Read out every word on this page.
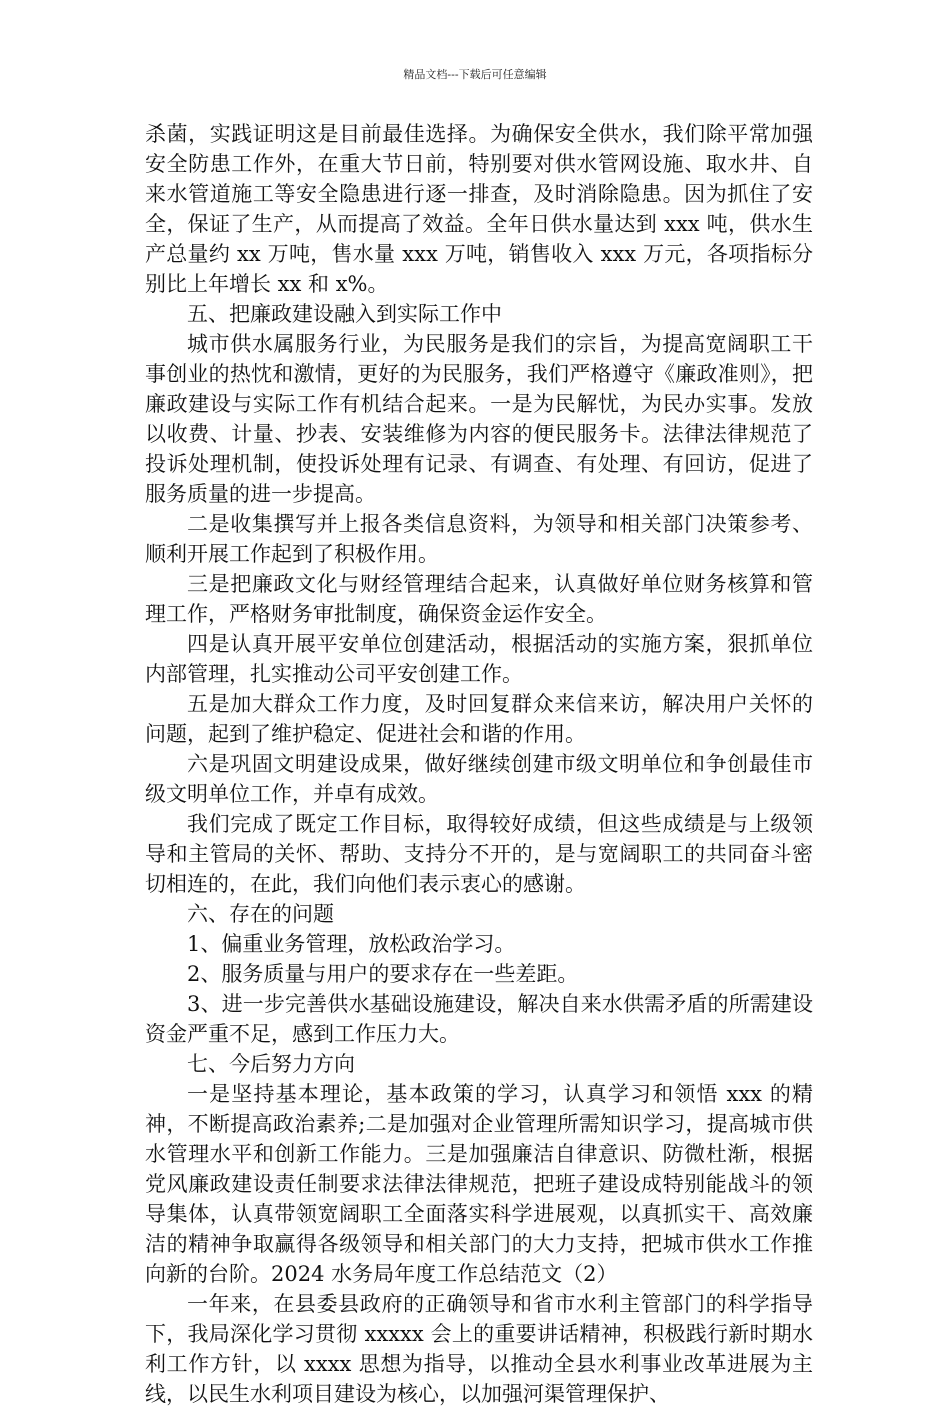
精品文档---下载后可任意编辑

杀菌，实践证明这是目前最佳选择。为确保安全供水，我们除平常加强安全防患工作外，在重大节日前，特别要对供水管网设施、取水井、自来水管道施工等安全隐患进行逐一排查，及时消除隐患。因为抓住了安全，保证了生产，从而提高了效益。全年日供水量达到 xxx 吨，供水生产总量约 xx 万吨，售水量 xxx 万吨，销售收入 xxx 万元，各项指标分别比上年增长 xx 和 x%。

五、把廉政建设融入到实际工作中

城市供水属服务行业，为民服务是我们的宗旨，为提高宽阔职工干事创业的热忱和激情，更好的为民服务，我们严格遵守《廉政准则》，把廉政建设与实际工作有机结合起来。一是为民解忧，为民办实事。发放以收费、计量、抄表、安装维修为内容的便民服务卡。法律法律规范了投诉处理机制，使投诉处理有记录、有调查、有处理、有回访，促进了服务质量的进一步提高。

二是收集撰写并上报各类信息资料，为领导和相关部门决策参考、顺利开展工作起到了积极作用。

三是把廉政文化与财经管理结合起来，认真做好单位财务核算和管理工作，严格财务审批制度，确保资金运作安全。

四是认真开展平安单位创建活动，根据活动的实施方案，狠抓单位内部管理，扎实推动公司平安创建工作。

五是加大群众工作力度，及时回复群众来信来访，解决用户关怀的问题，起到了维护稳定、促进社会和谐的作用。

六是巩固文明建设成果，做好继续创建市级文明单位和争创最佳市级文明单位工作，并卓有成效。

我们完成了既定工作目标，取得较好成绩，但这些成绩是与上级领导和主管局的关怀、帮助、支持分不开的，是与宽阔职工的共同奋斗密切相连的，在此，我们向他们表示衷心的感谢。

六、存在的问题

1、偏重业务管理，放松政治学习。

2、服务质量与用户的要求存在一些差距。

3、进一步完善供水基础设施建设，解决自来水供需矛盾的所需建设资金严重不足，感到工作压力大。

七、今后努力方向

一是坚持基本理论，基本政策的学习，认真学习和领悟 xxx 的精神，不断提高政治素养;二是加强对企业管理所需知识学习，提高城市供水管理水平和创新工作能力。三是加强廉洁自律意识、防微杜渐，根据党风廉政建设责任制要求法律法律规范，把班子建设成特别能战斗的领导集体，认真带领宽阔职工全面落实科学进展观，以真抓实干、高效廉洁的精神争取赢得各级领导和相关部门的大力支持，把城市供水工作推向新的台阶。2024 水务局年度工作总结范文（2）

一年来，在县委县政府的正确领导和省市水利主管部门的科学指导下，我局深化学习贯彻 xxxxx 会上的重要讲话精神，积极践行新时期水利工作方针，以 xxxx 思想为指导，以推动全县水利事业改革进展为主线，以民生水利项目建设为核心，以加强河渠管理保护、
